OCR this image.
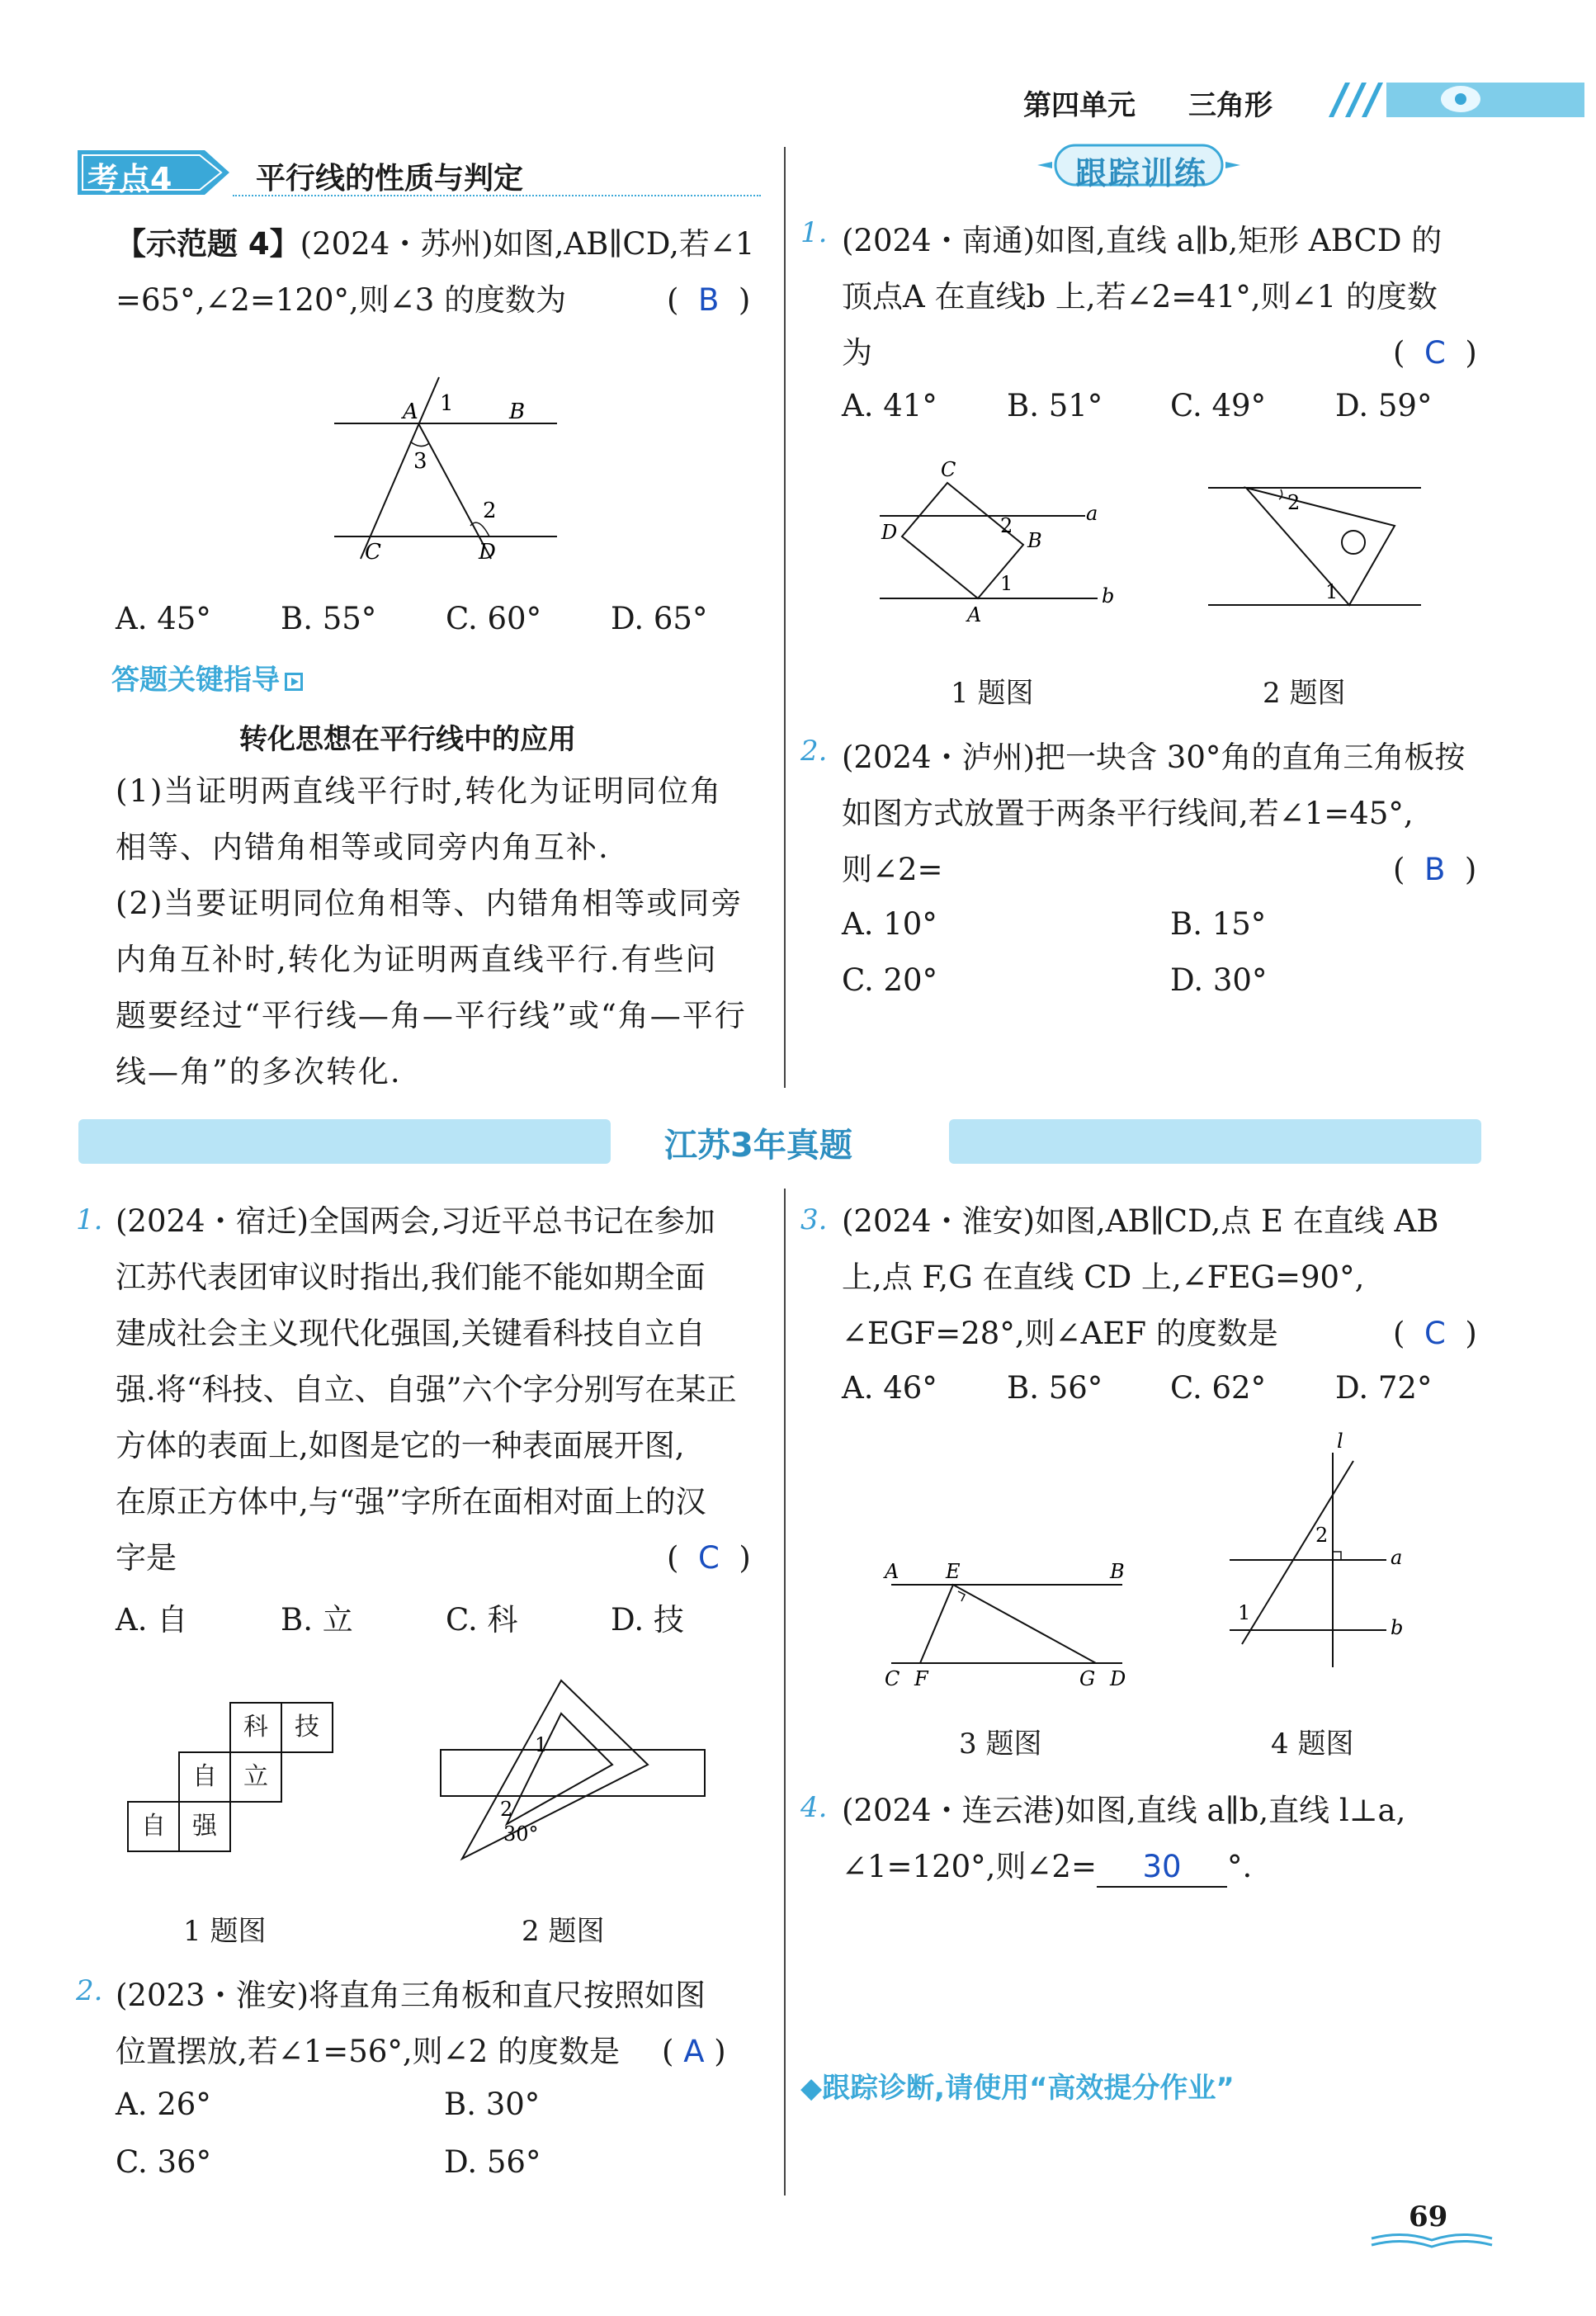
第四单元 三角形
考点4	平行线的性质与判定
【示范题 4】(2024・苏州)如图,AB∥CD,若∠1
=65°,∠2=120°,则∠3 的度数为	(  B  )
A 1	B
3
2
C	D
A. 45° B. 55° C. 60° D. 65°
答题关键指导
转化思想在平行线中的应用
(1)当证明两直线平行时,转化为证明同位角
相等、内错角相等或同旁内角互补.
(2)当要证明同位角相等、内错角相等或同旁
内角互补时,转化为证明两直线平行.有些问
题要经过“平行线—角—平行线”或“角—平行
线—角”的多次转化.
跟踪训练
1. (2024・南通)如图,直线 a∥b,矩形 ABCD 的
顶点A 在直线b 上,若∠2=41°,则∠1 的度数
为	(  C  )
A. 41° B. 51° C. 49° D. 59°
C
D	2
B
a
1
A
b
2
1
1 题图	2 题图
2. (2024・泸州)把一块含 30°角的直角三角板按
如图方式放置于两条平行线间,若∠1=45°,
则∠2=	(  B  )
A. 10°	B. 15°
C. 20°	D. 30°
江苏3年真题
1. (2024・宿迁)全国两会,习近平总书记在参加
江苏代表团审议时指出,我们能不能如期全面
建成社会主义现代化强国,关键看科技自立自
强.将“科技、自立、自强”六个字分别写在某正
方体的表面上,如图是它的一种表面展开图,
在原正方体中,与“强”字所在面相对面上的汉
字是	(  C  )
A. 自	B. 立	C. 科	D. 技
科	技
自	立
自	强
1
2
30°
1 题图	2 题图
2. (2023・淮安)将直角三角板和直尺按照如图
位置摆放,若∠1=56°,则∠2 的度数是 ( A )
A. 26°	B. 30°
C. 36°	D. 56°
3. (2024・淮安)如图,AB∥CD,点 E 在直线 AB
上,点 F,G 在直线 CD 上,∠FEG=90°,
∠EGF=28°,则∠AEF 的度数是	(  C  )
A. 46° B. 56° C. 62° D. 72°
A E	B
C F	G D
l
2
a
1
b
3 题图	4 题图
4. (2024・连云港)如图,直线 a∥b,直线 l⊥a,
∠1=120°,则∠2= 30 °.
◆跟踪诊断,请使用“高效提分作业”
69
